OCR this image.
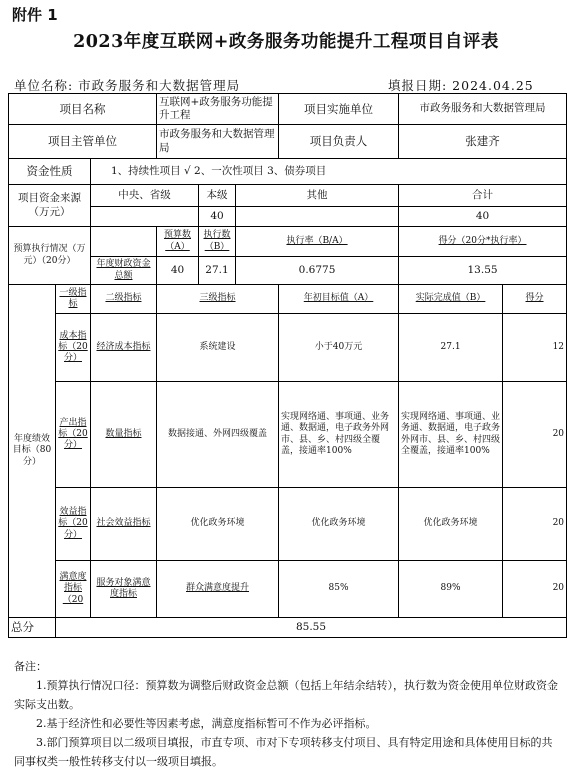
附件 1
2023年度互联网+政务服务功能提升工程项目自评表
单位名称: 市政务服务和大数据管理局	填报日期: 2024.04.25
项目名称			互联网+政务服务功能提升工程			项目实施单位	市政务服务和大数据管理局	
项目主管单位			市政务服务和大数据管理局			项目负责人	张建齐	
资金性质		1、持续性项目 √ 2、一次性项目 3、债券项目						
项目资金来源（万元）		中央、省级		本级	其他		合计	
				40			40	
预算执行情况（万元）（20分）			预算数（A）	执行数（B）	执行率（B/A）		得分（20分*执行率）	
		年度财政资金总额	40	27.1	0.6775		13.55	
年度绩效目标（80分）	一级指标	二级指标	三级指标			年初目标值（A）	实际完成值（B）	得分
	成本指标（20分）	经济成本指标	系统建设			小于40万元	27.1	12
	产出指标（20分）	数量指标	数据接通、外网四级覆盖			实现网络通、事项通、业务通、数据通，电子政务外网市、县、乡、村四级全覆盖，接通率100%	实现网络通、事项通、业务通、数据通，电子政务外网市、县、乡、村四级全覆盖，接通率100%	20
	效益指标（20分）	社会效益指标	优化政务环境			优化政务环境	优化政务环境	20
	满意度指标（20	服务对象满意度指标	群众满意度提升			85%	89%	20
总分	85.55							
备注：
1.预算执行情况口径：预算数为调整后财政资金总额（包括上年结余结转），执行数为资金使用单位财政资金实际支出数。
2.基于经济性和必要性等因素考虑，满意度指标暂可不作为必评指标。
3.部门预算项目以二级项目填报，市直专项、市对下专项转移支付项目、具有特定用途和具体使用目标的共同事权类一般性转移支付以一级项目填报。
